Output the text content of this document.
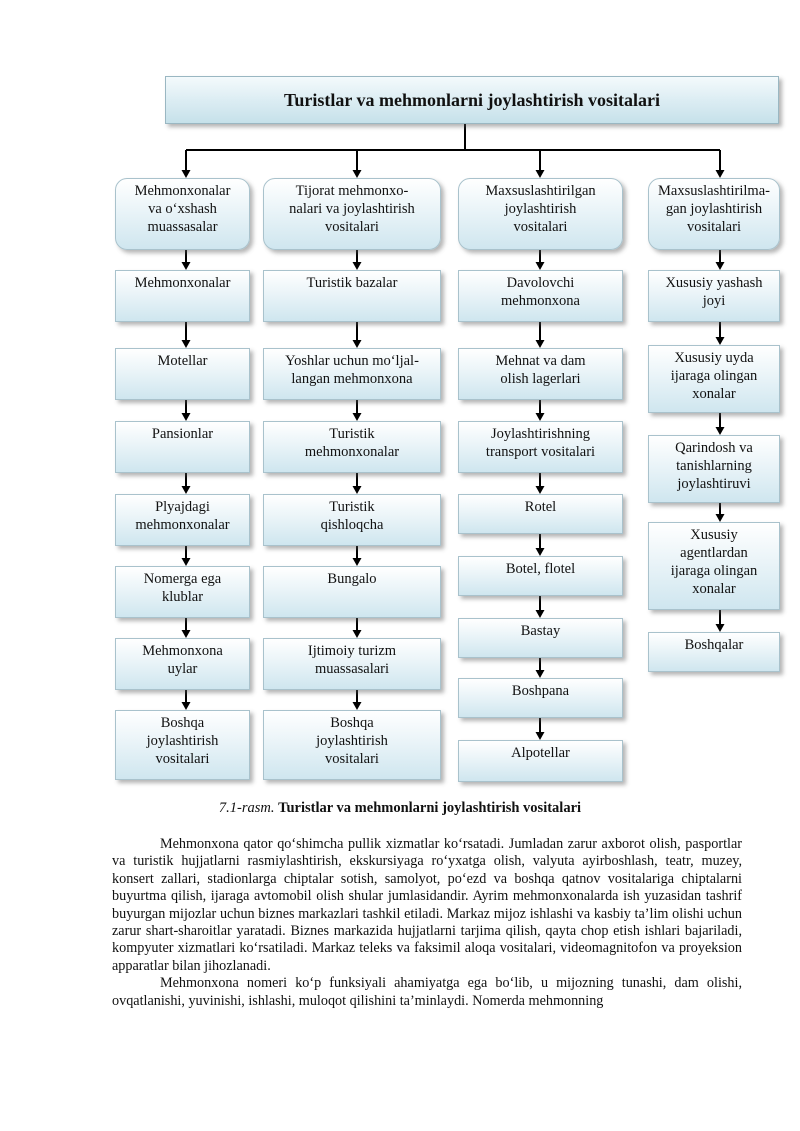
Turistlar va mehmonlarni joylashtirish vositalari
Mehmonxonalar
va o‘xshash
muassasalar
Mehmonxonalar
Motellar
Pansionlar
Plyajdagi
mehmonxonalar
Nomerga ega
klublar
Mehmonxona
uylar
Boshqa
joylashtirish
vositalari
Tijorat mehmonxo-
nalari va joylashtirish
vositalari
Turistik bazalar
Yoshlar uchun mo‘ljal-
langan mehmonxona
Turistik
mehmonxonalar
Turistik
qishloqcha
Bungalo
Ijtimoiy turizm
muassasalari
Boshqa
joylashtirish
vositalari
Maxsuslashtirilgan
joylashtirish
vositalari
Davolovchi
mehmonxona
Mehnat va dam
olish lagerlari
Joylashtirishning
transport vositalari
Rotel
Botel, flotel
Bastay
Boshpana
Alpotellar
Maxsuslashtirilma-
gan joylashtirish
vositalari
Xususiy yashash
joyi
Xususiy uyda
ijaraga olingan
xonalar
Qarindosh va
tanishlarning
joylashtiruvi
Xususiy
agentlardan
ijaraga olingan
xonalar
Boshqalar
7.1-rasm. Turistlar va mehmonlarni joylashtirish vositalari

Mehmonxona qator qo‘shimcha pullik xizmatlar ko‘rsatadi. Jumladan zarur axborot olish, pasportlar va turistik hujjatlarni rasmiylashtirish, ekskursiyaga ro‘yxatga olish, valyuta ayirboshlash, teatr, muzey, konsert zallari, stadionlarga chiptalar sotish, samolyot, po‘ezd va boshqa qatnov vositalariga chiptalarni buyurtma qilish, ijaraga avtomobil olish shular jumlasidandir. Ayrim mehmonxonalarda ish yuzasidan tashrif buyurgan mijozlar uchun biznes markazlari tashkil etiladi. Markaz mijoz ishlashi va kasbiy ta’lim olishi uchun zarur shart-sharoitlar yaratadi. Biznes markazida hujjatlarni tarjima qilish, qayta chop etish ishlari bajariladi, kompyuter xizmatlari ko‘rsatiladi. Markaz teleks va faksimil aloqa vositalari, videomagnitofon va proyeksion apparatlar bilan jihozlanadi.

Mehmonxona nomeri ko‘p funksiyali ahamiyatga ega bo‘lib, u mijozning tunashi, dam olishi, ovqatlanishi, yuvinishi, ishlashi, muloqot qilishini ta’minlaydi. Nomerda mehmonning
